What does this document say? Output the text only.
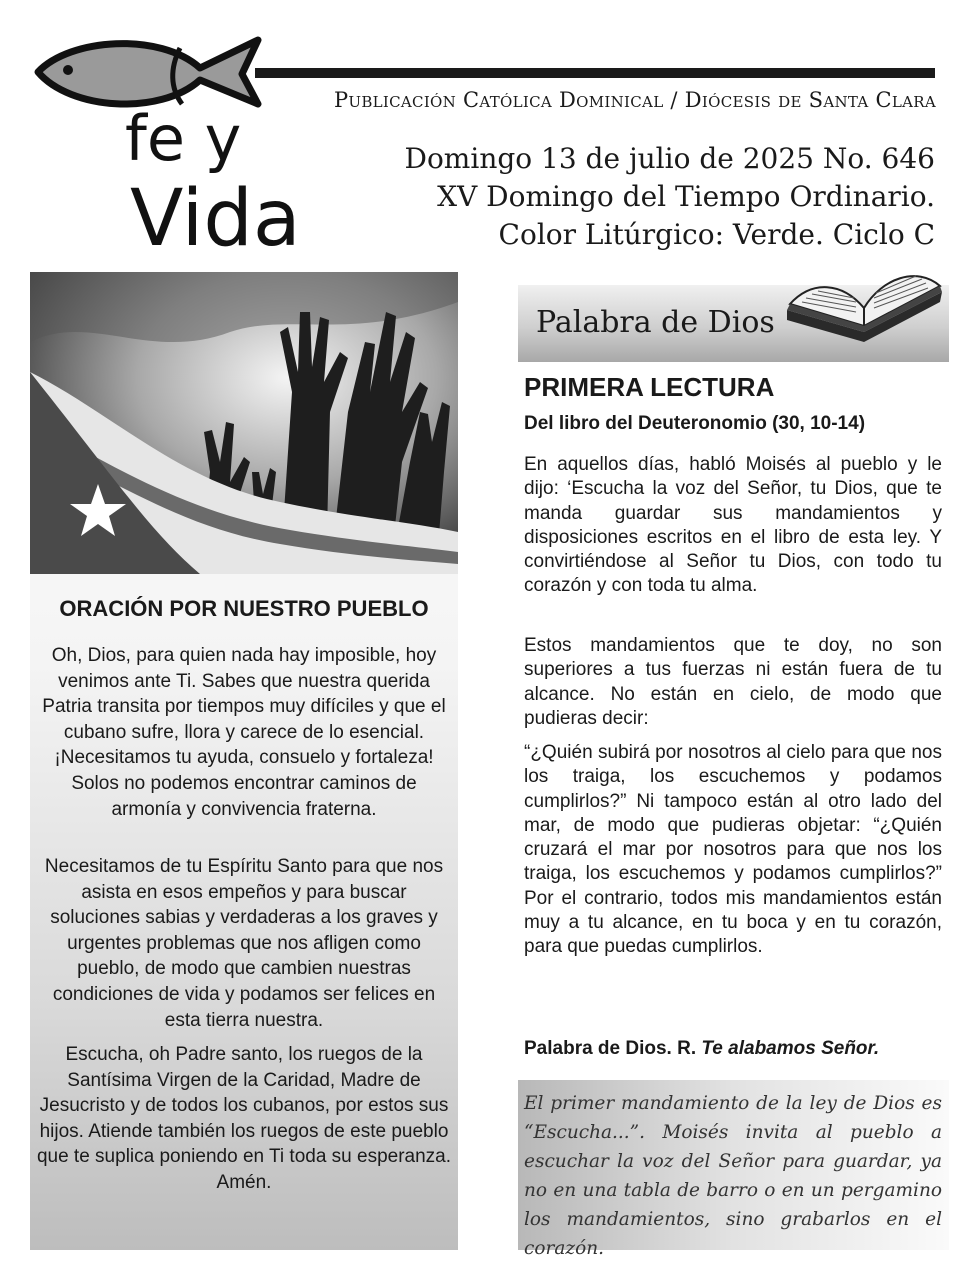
fe y
Vida
Publicación Católica Dominical / Diócesis de Santa Clara
Domingo 13 de julio de 2025 No. 646
XV Domingo del Tiempo Ordinario.
Color Litúrgico: Verde. Ciclo C
ORACIÓN POR NUESTRO PUEBLO

Oh, Dios, para quien nada hay imposible, hoy venimos ante Ti. Sabes que nuestra querida Patria transita por tiempos muy difíciles y que el cubano sufre, llora y carece de lo esencial. ¡Necesitamos tu ayuda, consuelo y fortaleza! Solos no podemos encontrar caminos de armonía y convivencia fraterna.

Necesitamos de tu Espíritu Santo para que nos asista en esos empeños y para buscar soluciones sabias y verdaderas a los graves y urgentes problemas que nos afligen como pueblo, de modo que cambien nuestras condiciones de vida y podamos ser felices en esta tierra nuestra.

Escucha, oh Padre santo, los ruegos de la Santísima Virgen de la Caridad, Madre de Jesucristo y de todos los cubanos, por estos sus hijos. Atiende también los ruegos de este pueblo que te suplica poniendo en Ti toda su esperanza. Amén.

Palabra de Dios
PRIMERA LECTURA
Del libro del Deuteronomio (30, 10-14)

En aquellos días, habló Moisés al pueblo y le dijo: ‘Escucha la voz del Señor, tu Dios, que te manda guardar sus mandamientos y disposiciones escritos en el libro de esta ley. Y convirtiéndose al Señor tu Dios, con todo tu corazón y con toda tu alma.

Estos mandamientos que te doy, no son superiores a tus fuerzas ni están fuera de tu alcance. No están en cielo, de modo que pudieras decir:

“¿Quién subirá por nosotros al cielo para que nos los traiga, los escuchemos y podamos cumplirlos?” Ni tampoco están al otro lado del mar, de modo que pudieras objetar: “¿Quién cruzará el mar por nosotros para que nos los traiga, los escuchemos y podamos cumplirlos?” Por el contrario, todos mis mandamientos están muy a tu alcance, en tu boca y en tu corazón, para que puedas cumplirlos.

Palabra de Dios. R. Te alabamos Señor.

El primer mandamiento de la ley de Dios es “Escucha...”. Moisés invita al pueblo a escuchar la voz del Señor para guardar, ya no en una tabla de barro o en un pergamino los mandamientos, sino grabarlos en el corazón.
